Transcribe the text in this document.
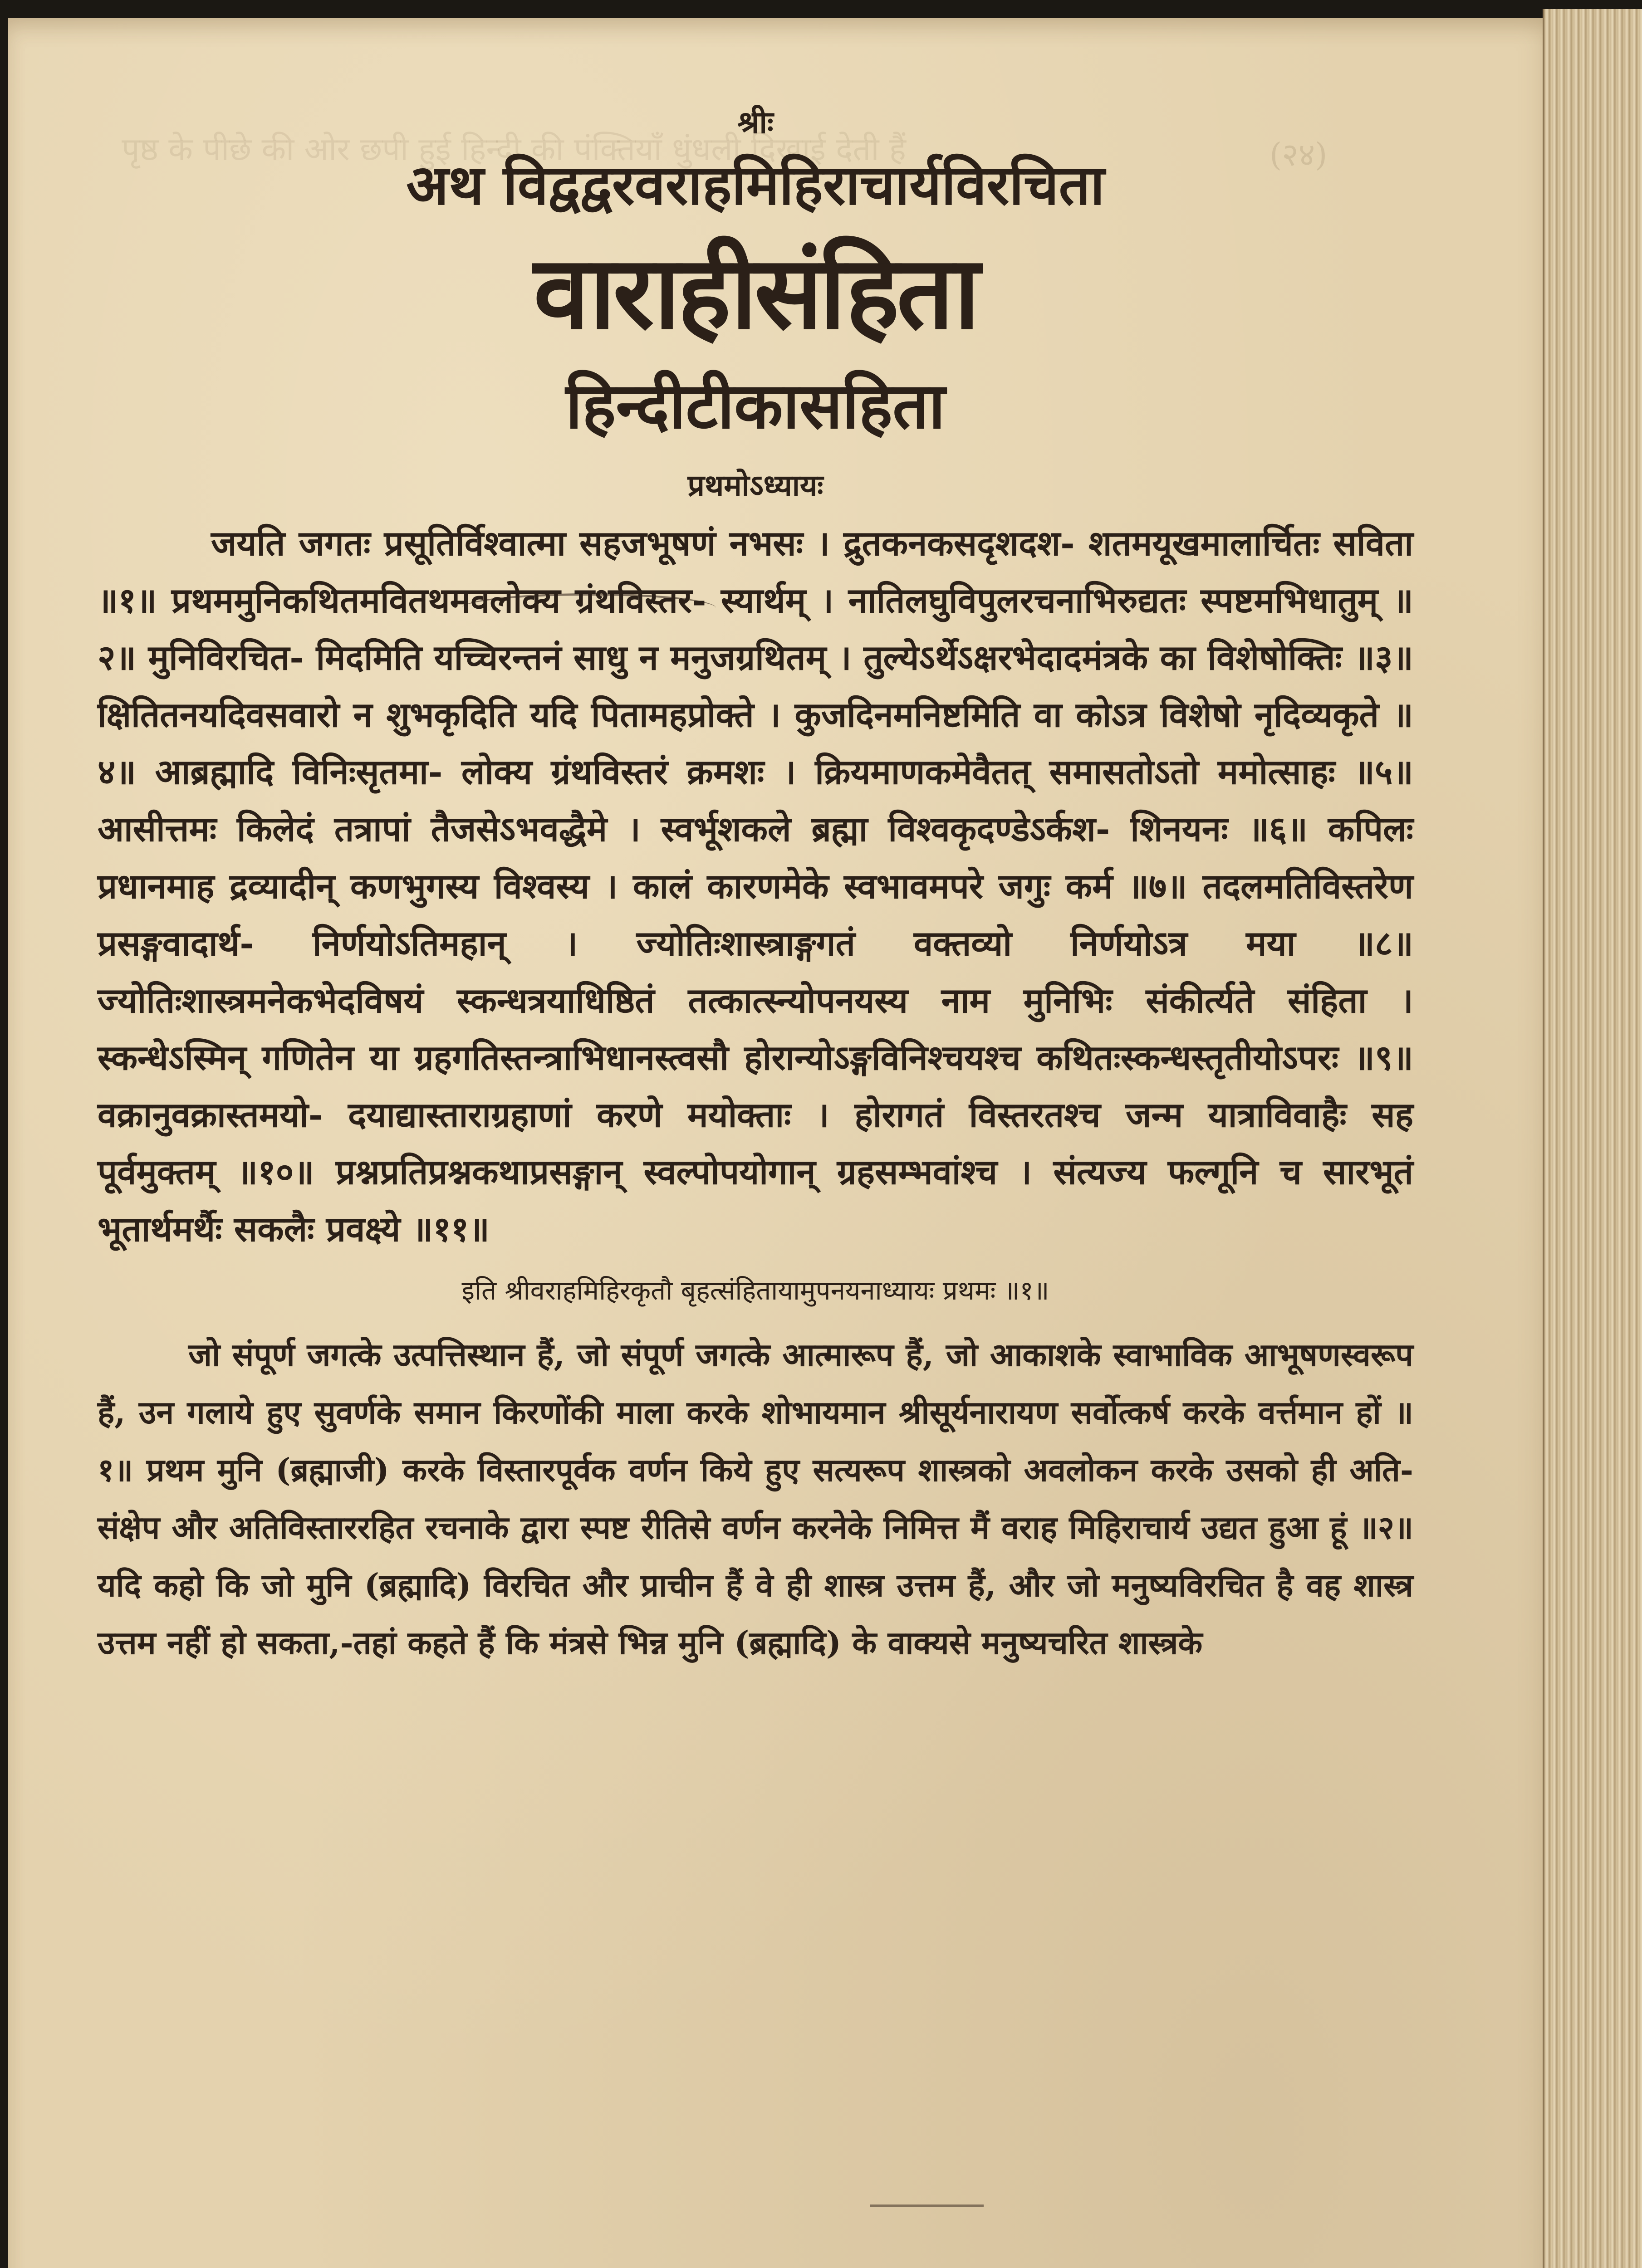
(२४)
पृष्ठ के पीछे की ओर छपी हुई हिन्दी की पंक्तियाँ धुंधली दिखाई देती हैं
श्रीः
अथ विद्वद्वरवराहमिहिराचार्यविरचिता
वाराहीसंहिता
हिन्दीटीकासहिता
प्रथमोऽध्यायः

जयति जगतः प्रसूतिर्विश्वात्मा सहजभूषणं नभसः । द्रुतकनकसदृशदश- शतमयूखमालार्चितः सविता ॥१॥ प्रथममुनिकथितमवितथमवलोक्य ग्रंथविस्तर- स्यार्थम् । नातिलघुविपुलरचनाभिरुद्यतः स्पष्टमभिधातुम् ॥२॥ मुनिविरचित- मिदमिति यच्चिरन्तनं साधु न मनुजग्रथितम् । तुल्येऽर्थेऽक्षरभेदादमंत्रके का विशेषोक्तिः ॥३॥ क्षितितनयदिवसवारो न शुभकृदिति यदि पितामहप्रोक्ते । कुजदिनमनिष्टमिति वा कोऽत्र विशेषो नृदिव्यकृते ॥४॥ आब्रह्मादि विनिःसृतमा- लोक्य ग्रंथविस्तरं क्रमशः । क्रियमाणकमेवैतत् समासतोऽतो ममोत्साहः ॥५॥ आसीत्तमः किलेदं तत्रापां तैजसेऽभवद्धैमे । स्वर्भूशकले ब्रह्मा विश्वकृदण्डेऽर्कश- शिनयनः ॥६॥ कपिलः प्रधानमाह द्रव्यादीन् कणभुगस्य विश्वस्य । कालं कारणमेके स्वभावमपरे जगुः कर्म ॥७॥ तदलमतिविस्तरेण प्रसङ्गवादार्थ- निर्णयोऽतिमहान् । ज्योतिःशास्त्राङ्गगतं वक्तव्यो निर्णयोऽत्र मया ॥८॥ ज्योतिःशास्त्रमनेकभेदविषयं स्कन्धत्रयाधिष्ठितं तत्कात्स्न्योपनयस्य नाम मुनिभिः संकीर्त्यते संहिता । स्कन्धेऽस्मिन् गणितेन या ग्रहगतिस्तन्त्राभिधानस्त्वसौ होरान्योऽङ्गविनिश्चयश्च कथितःस्कन्धस्तृतीयोऽपरः ॥९॥ वक्रानुवक्रास्तमयो- दयाद्यास्ताराग्रहाणां करणे मयोक्ताः । होरागतं विस्तरतश्च जन्म यात्राविवाहैः सह पूर्वमुक्तम् ॥१०॥ प्रश्नप्रतिप्रश्नकथाप्रसङ्गान् स्वल्पोपयोगान् ग्रहसम्भवांश्च । संत्यज्य फल्गूनि च सारभूतं भूतार्थमर्थैः सकलैः प्रवक्ष्ये ॥११॥

इति श्रीवराहमिहिरकृतौ बृहत्संहितायामुपनयनाध्यायः प्रथमः ॥१॥

जो संपूर्ण जगत्के उत्पत्तिस्थान हैं, जो संपूर्ण जगत्के आत्मारूप हैं, जो आकाशके स्वाभाविक आभूषणस्वरूप हैं, उन गलाये हुए सुवर्णके समान किरणोंकी माला करके शोभायमान श्रीसूर्यनारायण सर्वोत्कर्ष करके वर्त्तमान हों ॥१॥ प्रथम मुनि (ब्रह्माजी) करके विस्तारपूर्वक वर्णन किये हुए सत्यरूप शास्त्रको अवलोकन करके उसको ही अति- संक्षेप और अतिविस्ताररहित रचनाके द्वारा स्पष्ट रीतिसे वर्णन करनेके निमित्त मैं वराह मिहिराचार्य उद्यत हुआ हूं ॥२॥ यदि कहो कि जो मुनि (ब्रह्मादि) विरचित और प्राचीन हैं वे ही शास्त्र उत्तम हैं, और जो मनुष्यविरचित है वह शास्त्र उत्तम नहीं हो सकता,-तहां कहते हैं कि मंत्रसे भिन्न मुनि (ब्रह्मादि) के वाक्यसे मनुष्यचरित शास्त्रके
